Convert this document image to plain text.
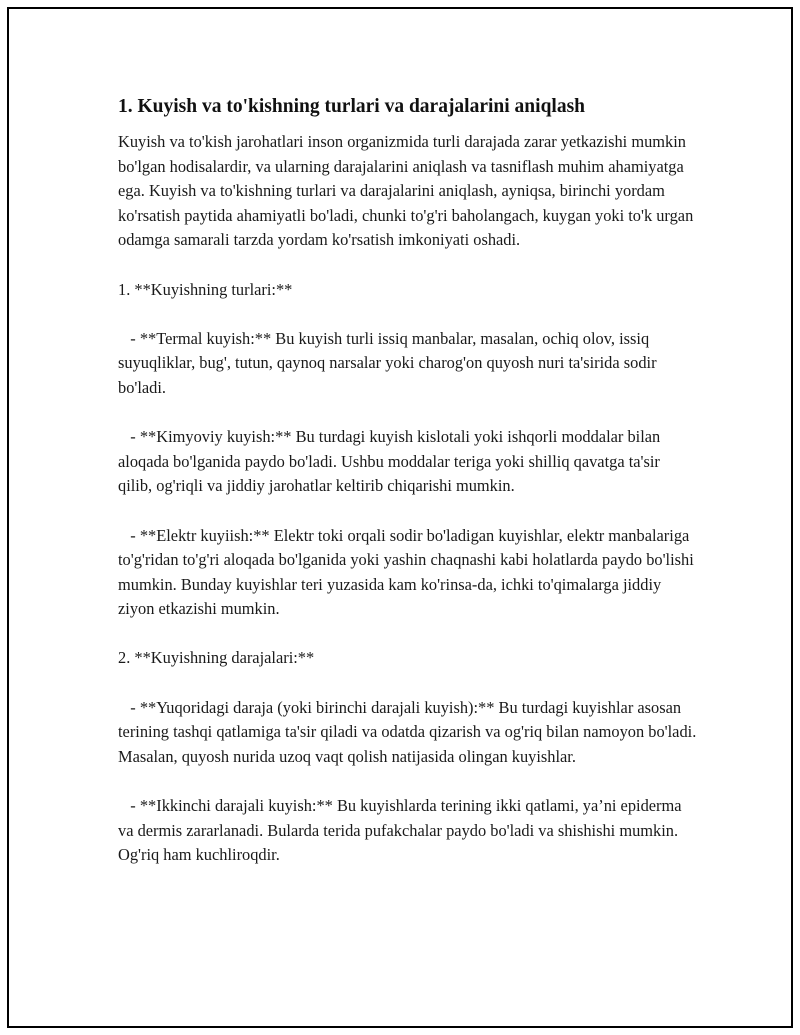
1. Kuyish va to'kishning turlari va darajalarini aniqlash

Kuyish va to'kish jarohatlari inson organizmida turli darajada zarar yetkazishi mumkin bo'lgan hodisalardir, va ularning darajalarini aniqlash va tasniflash muhim ahamiyatga ega. Kuyish va to'kishning turlari va darajalarini aniqlash, ayniqsa, birinchi yordam ko'rsatish paytida ahamiyatli bo'ladi, chunki to'g'ri baholangach, kuygan yoki to'k urgan odamga samarali tarzda yordam ko'rsatish imkoniyati oshadi.

1. **Kuyishning turlari:**

- **Termal kuyish:** Bu kuyish turli issiq manbalar, masalan, ochiq olov, issiq suyuqliklar, bug', tutun, qaynoq narsalar yoki charog'on quyosh nuri ta'sirida sodir bo'ladi.

- **Kimyoviy kuyish:** Bu turdagi kuyish kislotali yoki ishqorli moddalar bilan aloqada bo'lganida paydo bo'ladi. Ushbu moddalar teriga yoki shilliq qavatga ta'sir qilib, og'riqli va jiddiy jarohatlar keltirib chiqarishi mumkin.

- **Elektr kuyiish:** Elektr toki orqali sodir bo'ladigan kuyishlar, elektr manbalariga to'g'ridan to'g'ri aloqada bo'lganida yoki yashin chaqnashi kabi holatlarda paydo bo'lishi mumkin. Bunday kuyishlar teri yuzasida kam ko'rinsa-da, ichki to'qimalarga jiddiy ziyon etkazishi mumkin.

2. **Kuyishning darajalari:**

- **Yuqoridagi daraja (yoki birinchi darajali kuyish):** Bu turdagi kuyishlar asosan terining tashqi qatlamiga ta'sir qiladi va odatda qizarish va og'riq bilan namoyon bo'ladi. Masalan, quyosh nurida uzoq vaqt qolish natijasida olingan kuyishlar.

- **Ikkinchi darajali kuyish:** Bu kuyishlarda terining ikki qatlami, ya’ni epiderma va dermis zararlanadi. Bularda terida pufakchalar paydo bo'ladi va shishishi mumkin. Og'riq ham kuchliroqdir.
